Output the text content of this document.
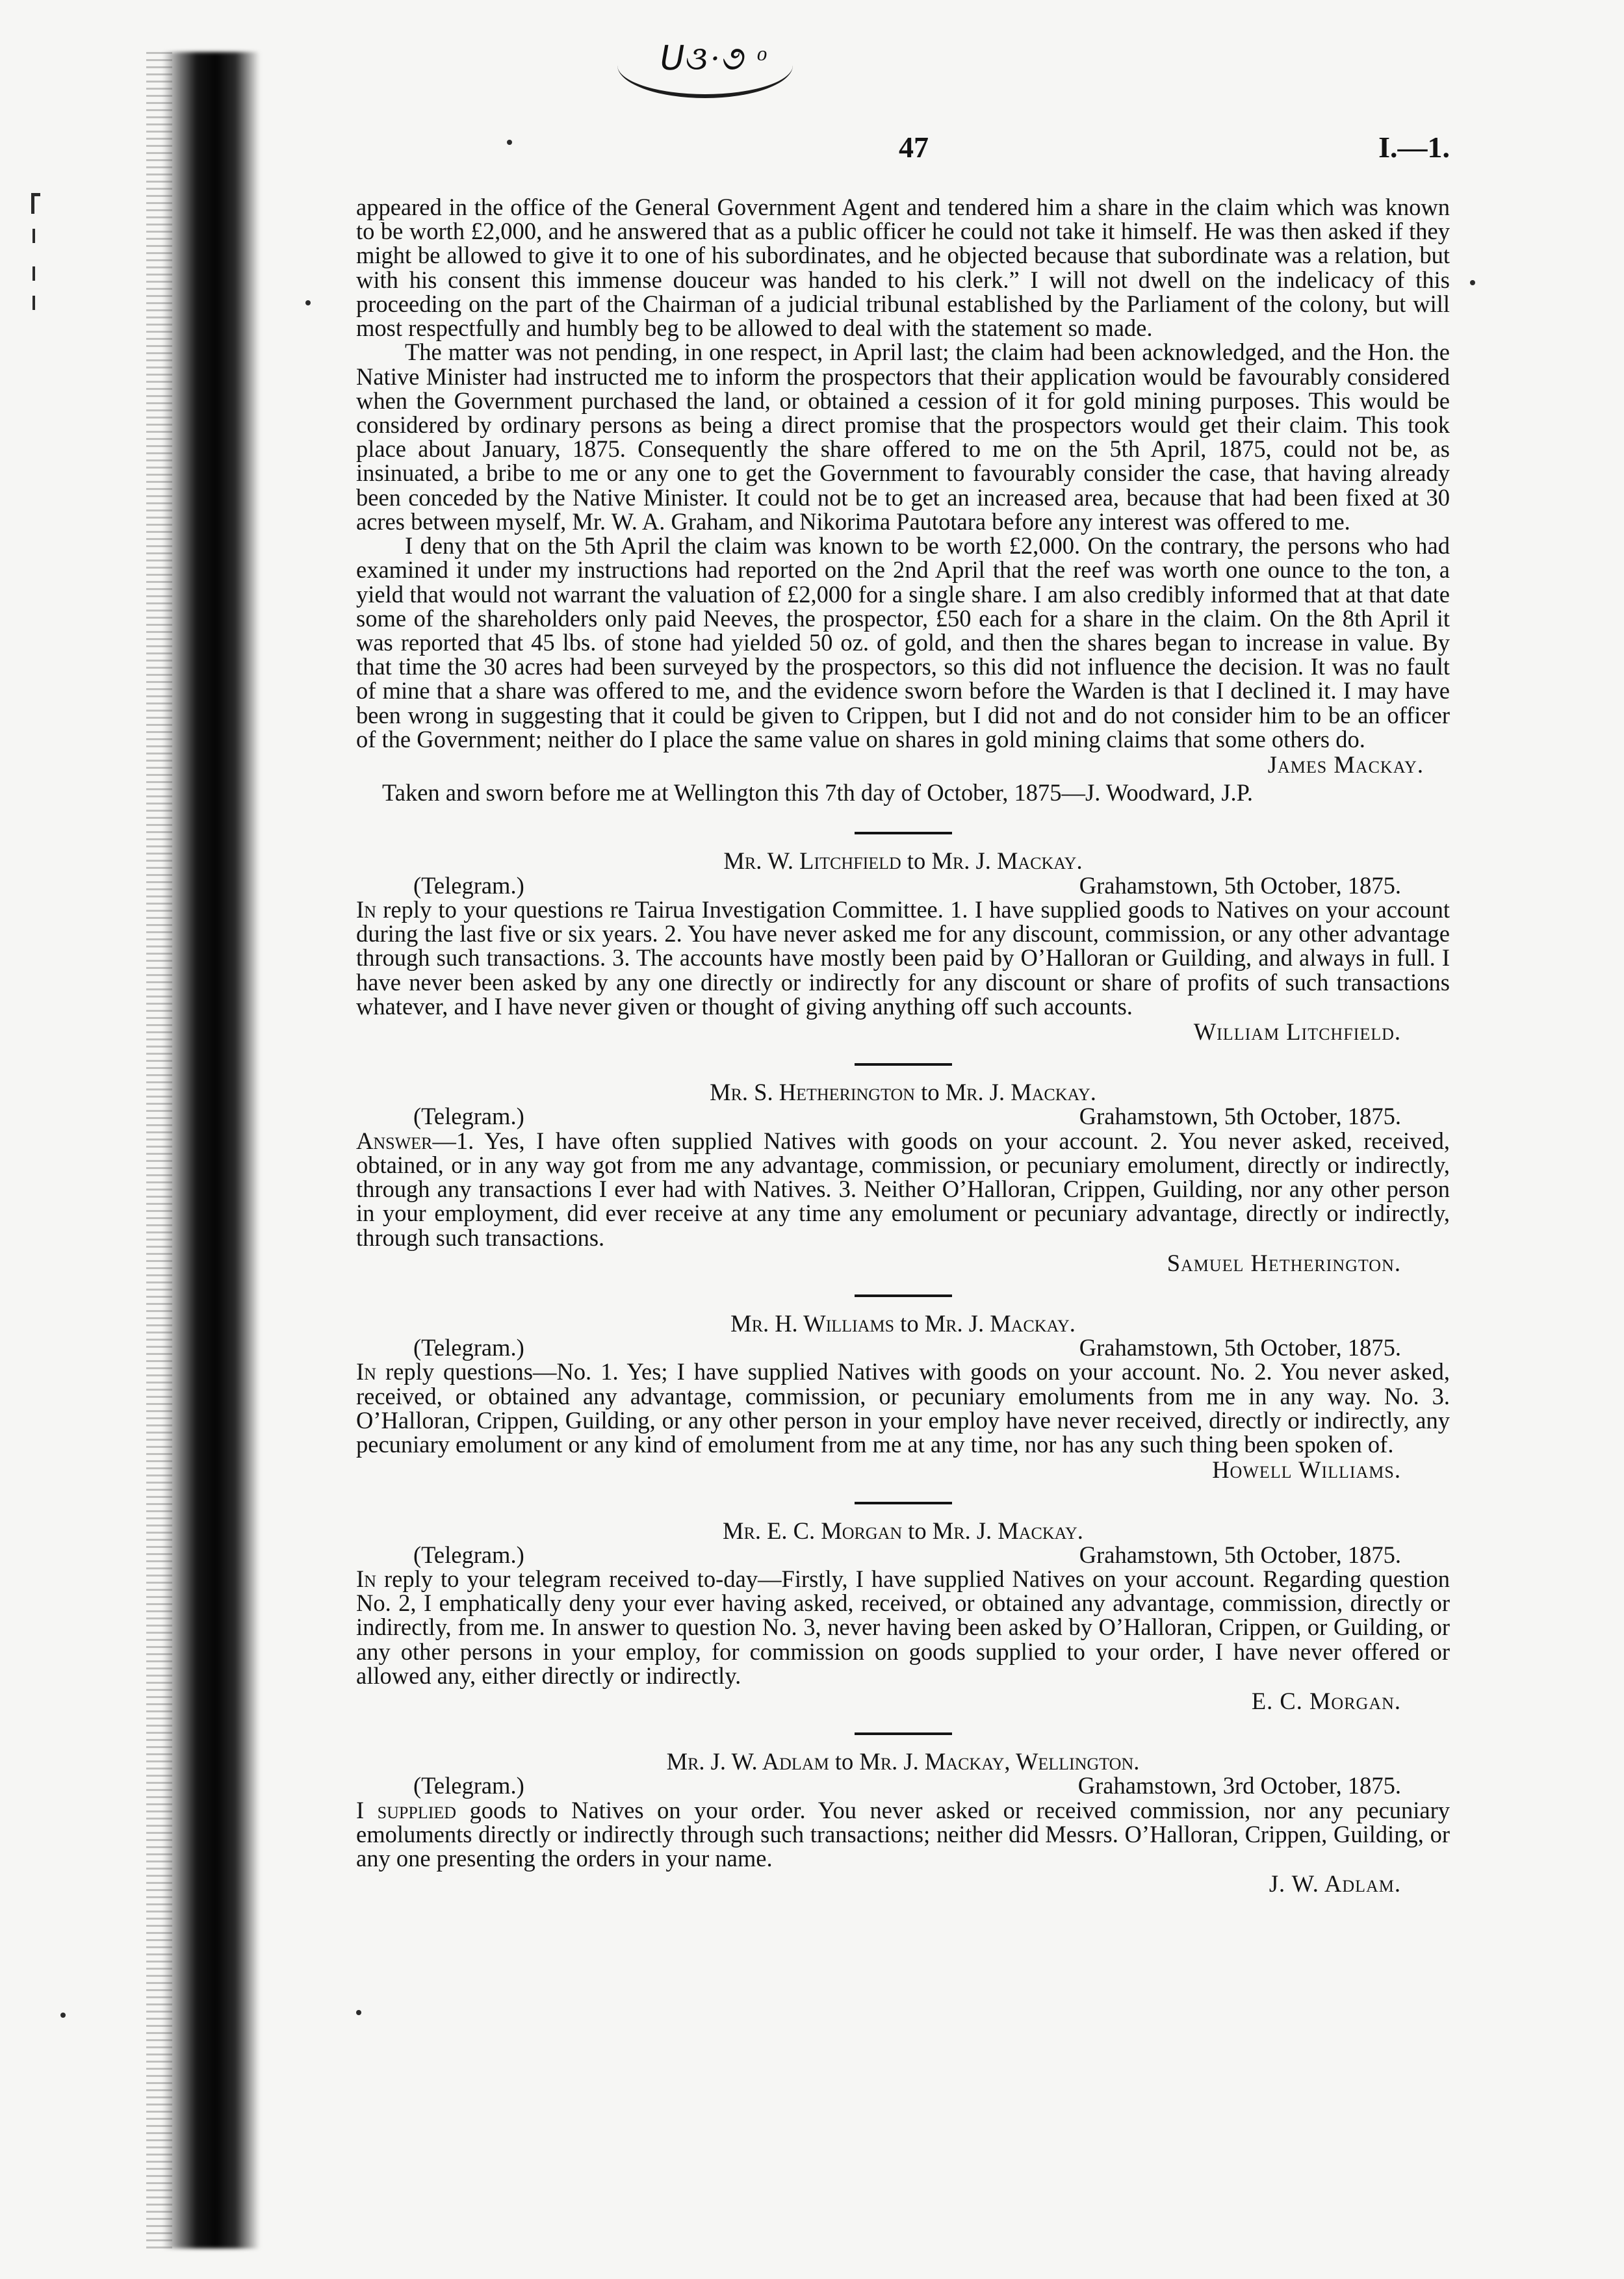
ᑌ૩·૭ ᵒ
47	I.—1.

appeared in the office of the General Government Agent and tendered him a share in the claim which was known to be worth £2,000, and he answered that as a public officer he could not take it himself. He was then asked if they might be allowed to give it to one of his subordinates, and he objected because that subordinate was a relation, but with his consent this immense douceur was handed to his clerk.” I will not dwell on the indelicacy of this proceeding on the part of the Chairman of a judicial tribunal established by the Parliament of the colony, but will most respectfully and humbly beg to be allowed to deal with the statement so made.

The matter was not pending, in one respect, in April last; the claim had been acknowledged, and the Hon. the Native Minister had instructed me to inform the prospectors that their application would be favourably considered when the Government purchased the land, or obtained a cession of it for gold mining purposes. This would be considered by ordinary persons as being a direct promise that the prospectors would get their claim. This took place about January, 1875. Consequently the share offered to me on the 5th April, 1875, could not be, as insinuated, a bribe to me or any one to get the Government to favourably consider the case, that having already been conceded by the Native Minister. It could not be to get an increased area, because that had been fixed at 30 acres between myself, Mr. W. A. Graham, and Nikorima Pautotara before any interest was offered to me.

I deny that on the 5th April the claim was known to be worth £2,000. On the contrary, the persons who had examined it under my instructions had reported on the 2nd April that the reef was worth one ounce to the ton, a yield that would not warrant the valuation of £2,000 for a single share. I am also credibly informed that at that date some of the shareholders only paid Neeves, the prospector, £50 each for a share in the claim. On the 8th April it was reported that 45 lbs. of stone had yielded 50 oz. of gold, and then the shares began to increase in value. By that time the 30 acres had been surveyed by the prospectors, so this did not influence the decision. It was no fault of mine that a share was offered to me, and the evidence sworn before the Warden is that I declined it. I may have been wrong in suggesting that it could be given to Crippen, but I did not and do not consider him to be an officer of the Government; neither do I place the same value on shares in gold mining claims that some others do.

James Mackay.

Taken and sworn before me at Wellington this 7th day of October, 1875—J. Woodward, J.P.

Mr. W. Litchfield to Mr. J. Mackay.
(Telegram.)	Grahamstown, 5th October, 1875.

In reply to your questions re Tairua Investigation Committee. 1. I have supplied goods to Natives on your account during the last five or six years. 2. You have never asked me for any discount, commission, or any other advantage through such transactions. 3. The accounts have mostly been paid by O’Halloran or Guilding, and always in full. I have never been asked by any one directly or indirectly for any discount or share of profits of such transactions whatever, and I have never given or thought of giving anything off such accounts.

William Litchfield.
Mr. S. Hetherington to Mr. J. Mackay.
(Telegram.)	Grahamstown, 5th October, 1875.

Answer—1. Yes, I have often supplied Natives with goods on your account. 2. You never asked, received, obtained, or in any way got from me any advantage, commission, or pecuniary emolument, directly or indirectly, through any transactions I ever had with Natives. 3. Neither O’Halloran, Crippen, Guilding, nor any other person in your employment, did ever receive at any time any emolument or pecuniary advantage, directly or indirectly, through such transactions.

Samuel Hetherington.
Mr. H. Williams to Mr. J. Mackay.
(Telegram.)	Grahamstown, 5th October, 1875.

In reply questions—No. 1. Yes; I have supplied Natives with goods on your account. No. 2. You never asked, received, or obtained any advantage, commission, or pecuniary emoluments from me in any way. No. 3. O’Halloran, Crippen, Guilding, or any other person in your employ have never received, directly or indirectly, any pecuniary emolument or any kind of emolument from me at any time, nor has any such thing been spoken of.

Howell Williams.
Mr. E. C. Morgan to Mr. J. Mackay.
(Telegram.)	Grahamstown, 5th October, 1875.

In reply to your telegram received to-day—Firstly, I have supplied Natives on your account. Regarding question No. 2, I emphatically deny your ever having asked, received, or obtained any advantage, commission, directly or indirectly, from me. In answer to question No. 3, never having been asked by O’Halloran, Crippen, or Guilding, or any other persons in your employ, for commission on goods supplied to your order, I have never offered or allowed any, either directly or indirectly.

E. C. Morgan.
Mr. J. W. Adlam to Mr. J. Mackay, Wellington.
(Telegram.)	Grahamstown, 3rd October, 1875.

I supplied goods to Natives on your order. You never asked or received commission, nor any pecuniary emoluments directly or indirectly through such transactions; neither did Messrs. O’Halloran, Crippen, Guilding, or any one presenting the orders in your name.

J. W. Adlam.
